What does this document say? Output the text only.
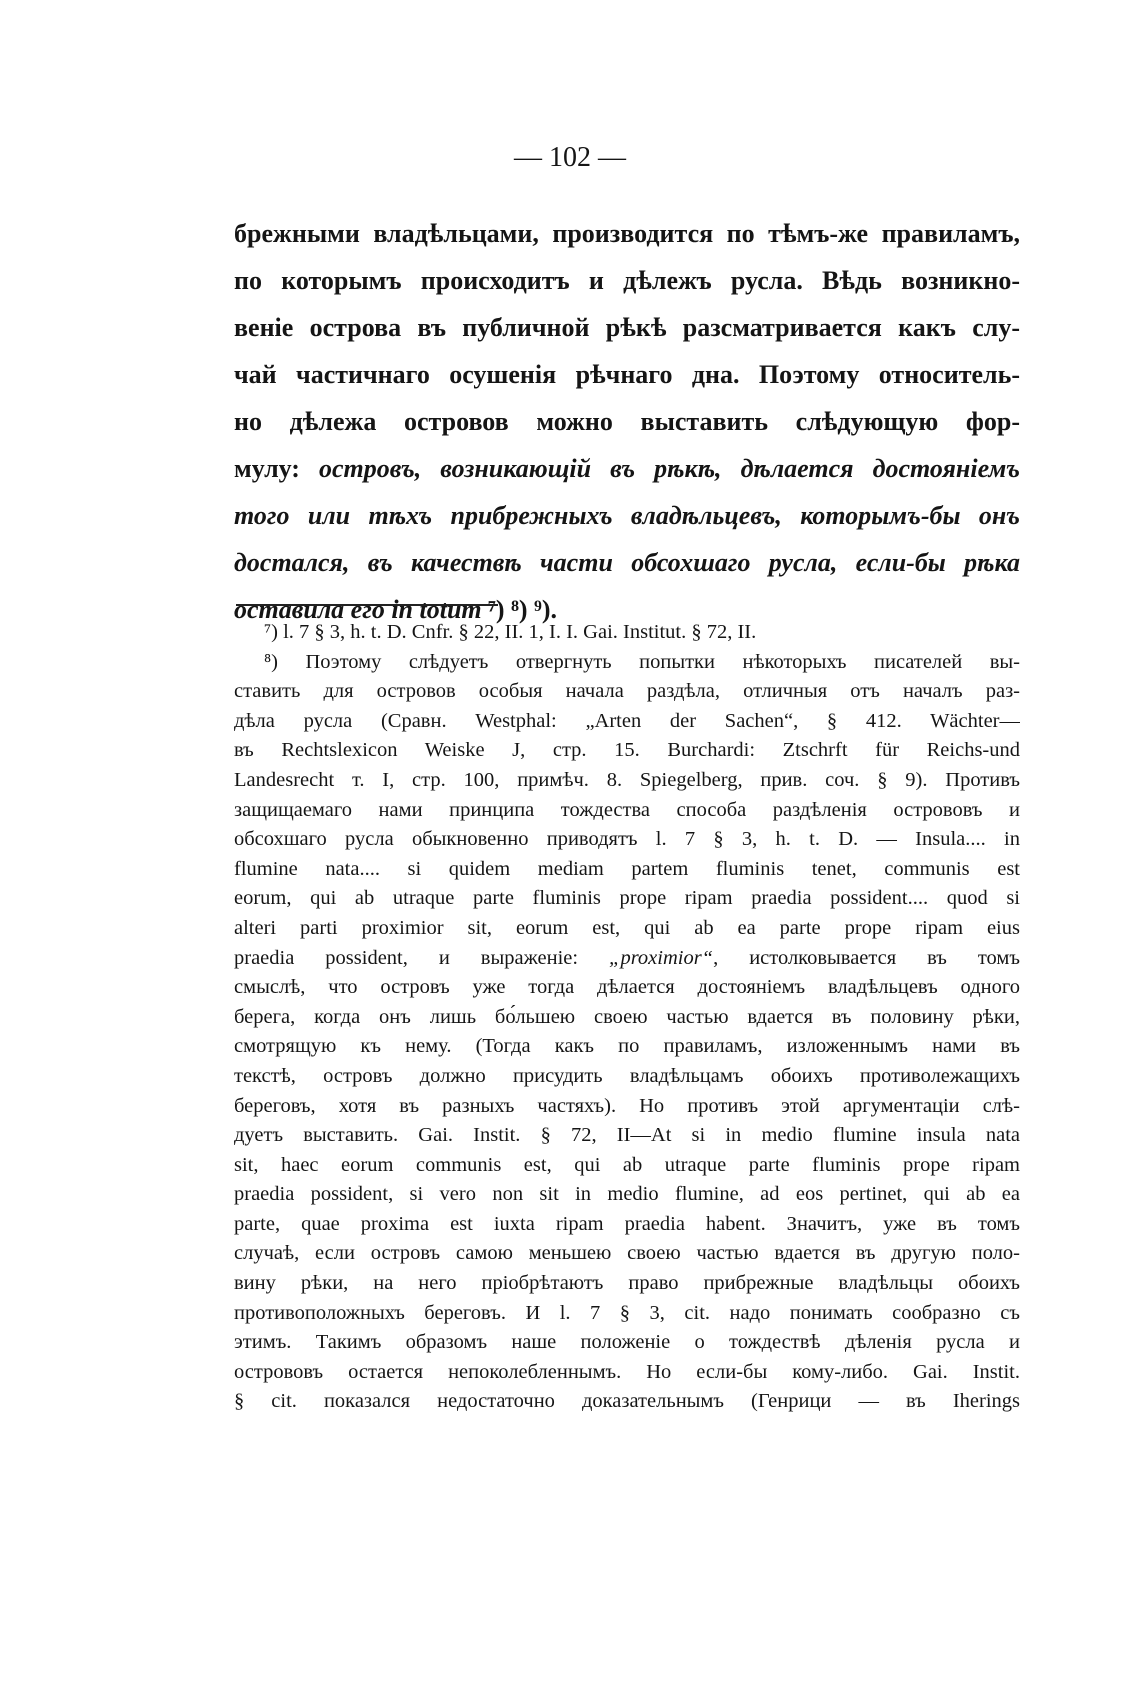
— 102 —
брежными владѣльцами, производится по тѣмъ-же правиламъ,
по которымъ происходитъ и дѣлежъ русла. Вѣдь возникно-
веніе острова въ публичной рѣкѣ разсматривается какъ слу-
чай частичнаго осушенія рѣчнаго дна. Поэтому относитель-
но дѣлежа островов можно выставить слѣдующую фор-
мулу: островъ, возникающій въ рѣкѣ, дѣлается достояніемъ
того или тѣхъ прибрежныхъ владѣльцевъ, которымъ-бы онъ
достался, въ качествѣ части обсохшаго русла, если-бы рѣка
оставила его in totum ⁷) ⁸) ⁹).
⁷) l. 7 § 3, h. t. D. Cnfr. § 22, II. 1, I. I. Gai. Institut. § 72, II.
⁸) Поэтому слѣдуетъ отвергнуть попытки нѣкоторыхъ писателей вы-
ставить для островов особыя начала раздѣла, отличныя отъ началъ раз-
дѣла русла (Сравн. Westphal: „Arten der Sachen“, § 412. Wächter—
въ Rechtslexicon Weiske J, стр. 15. Burchardi: Ztschrft für Reichs-und
Landesrecht т. I, стр. 100, примѣч. 8. Spiegelberg, прив. соч. § 9). Противъ
защищаемаго нами принципа тождества способа раздѣленія острововъ и
обсохшаго русла обыкновенно приводятъ l. 7 § 3, h. t. D. — Insula.... in
flumine nata.... si quidem mediam partem fluminis tenet, communis est
eorum, qui ab utraque parte fluminis prope ripam praedia possident.... quod si
alteri parti proximior sit, eorum est, qui ab ea parte prope ripam eius
praedia possident, и выраженіе: „proximior“, истолковывается въ томъ
смыслѣ, что островъ уже тогда дѣлается достояніемъ владѣльцевъ одного
берега, когда онъ лишь бо́льшею своею частью вдается въ половину рѣки,
смотрящую къ нему. (Тогда какъ по правиламъ, изложеннымъ нами въ
текстѣ, островъ должно присудить владѣльцамъ обоихъ противолежащихъ
береговъ, хотя въ разныхъ частяхъ). Но противъ этой аргументаціи слѣ-
дуетъ выставить. Gai. Instit. § 72, II—At si in medio flumine insula nata
sit, haec eorum communis est, qui ab utraque parte fluminis prope ripam
praedia possident, si vero non sit in medio flumine, ad eos pertinet, qui ab ea
parte, quae proxima est iuxta ripam praedia habent. Значитъ, уже въ томъ
случаѣ, если островъ самою меньшею своею частью вдается въ другую поло-
вину рѣки, на него пріобрѣтаютъ право прибрежные владѣльцы обоихъ
противоположныхъ береговъ. И l. 7 § 3, cit. надо понимать сообразно съ
этимъ. Такимъ образомъ наше положеніе о тождествѣ дѣленія русла и
острововъ остается непоколебленнымъ. Но если-бы кому-либо. Gai. Instit.
§ cit. показался недостаточно доказательнымъ (Генрици — въ Iherings
